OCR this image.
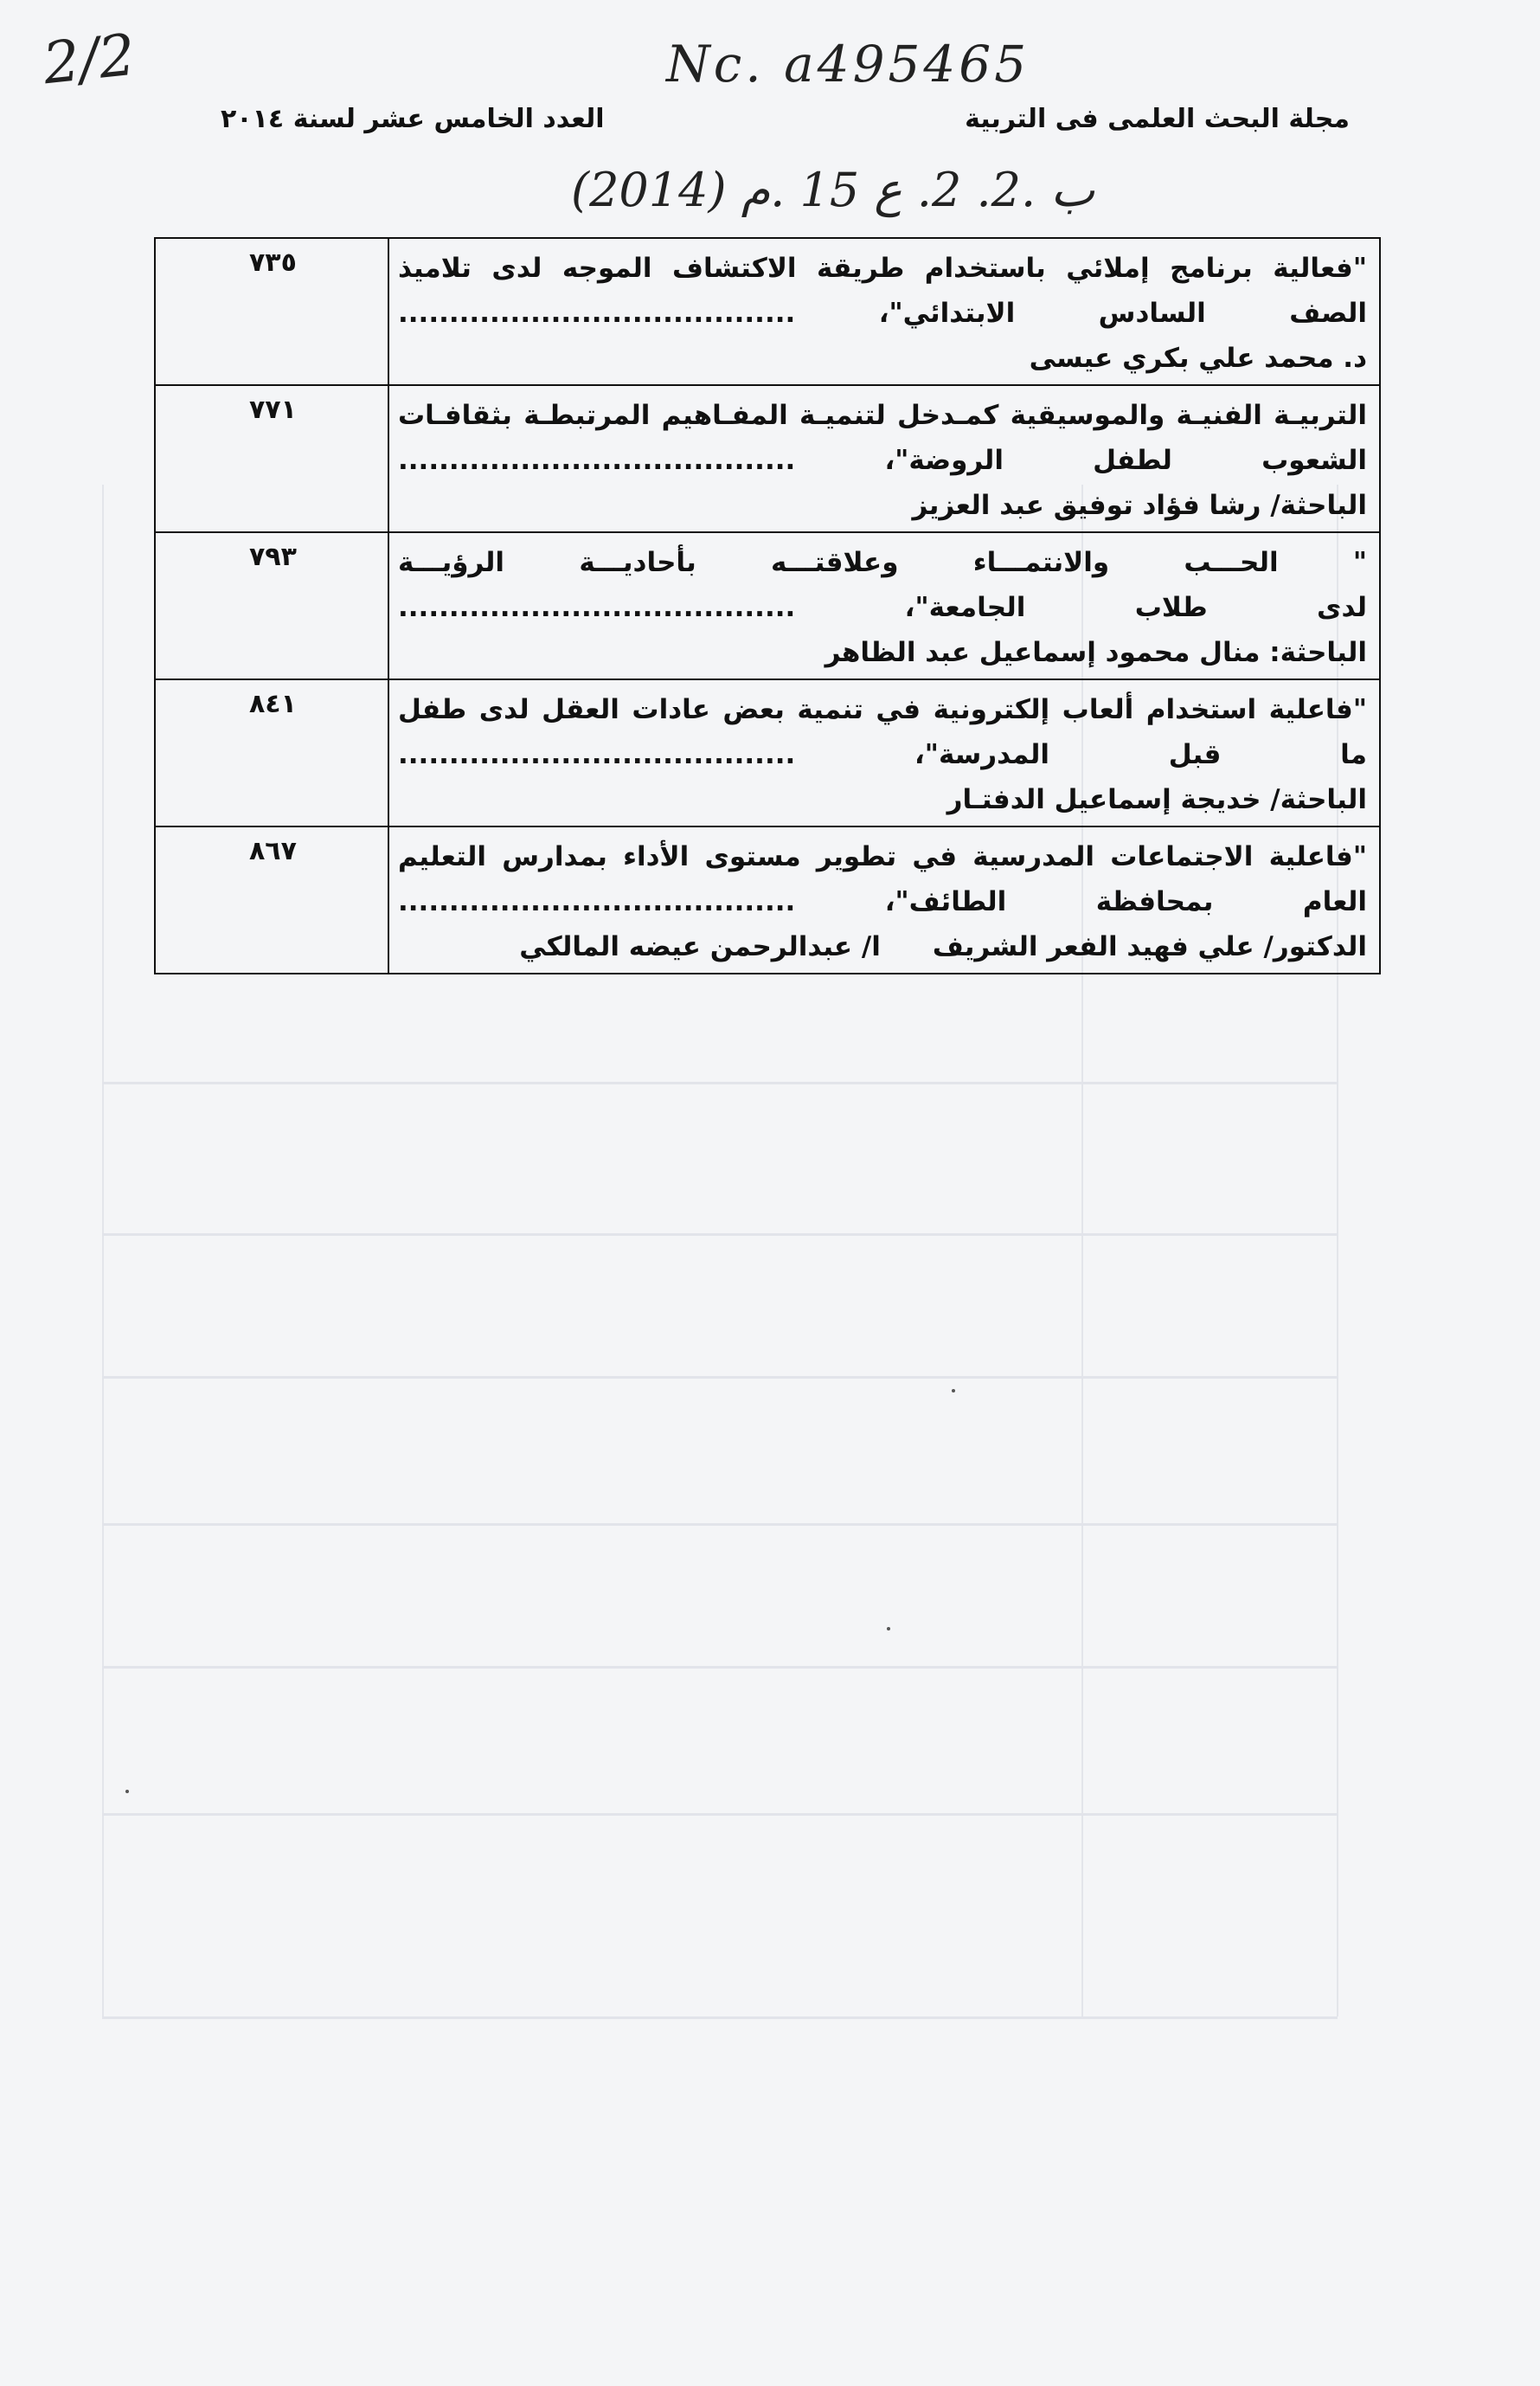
2/2	Nc. a495465
(2014) ب .2. 2. ع 15 .م
مجلة البحث العلمى فى التربية
العدد الخامس عشر لسنة ٢٠١٤
"فعالية برنامج إملائي باستخدام طريقة الاكتشاف الموجه لدى تلاميذ
الصف السادس الابتدائي"، .......................................
د. محمد علي بكري عيسى	٧٣٥

التربيـة الفنيـة والموسيقية كمـدخل لتنميـة المفـاهيم المرتبطـة بثقافـات
الشعوب لطفل الروضة"، .......................................
الباحثة/ رشا فؤاد توفيق عبد العزيز	٧٧١

" الحـــب والانتمـــاء وعلاقتـــه بأحاديـــة الرؤيـــة
لدى طلاب الجامعة"، .......................................
الباحثة: منال محمود إسماعيل عبد الظاهر	٧٩٣

"فاعلية استخدام ألعاب إلكترونية في تنمية بعض عادات العقل لدى طفل
ما قبل المدرسة"، .......................................
الباحثة/ خديجة إسماعيل الدفتـار	٨٤١

"فاعلية الاجتماعات المدرسية في تطوير مستوى الأداء بمدارس التعليم
العام بمحافظة الطائف"، .......................................
الدكتور/ علي فهيد الفعر الشريف
ا/ عبدالرحمن عيضه المالكي	٨٦٧
